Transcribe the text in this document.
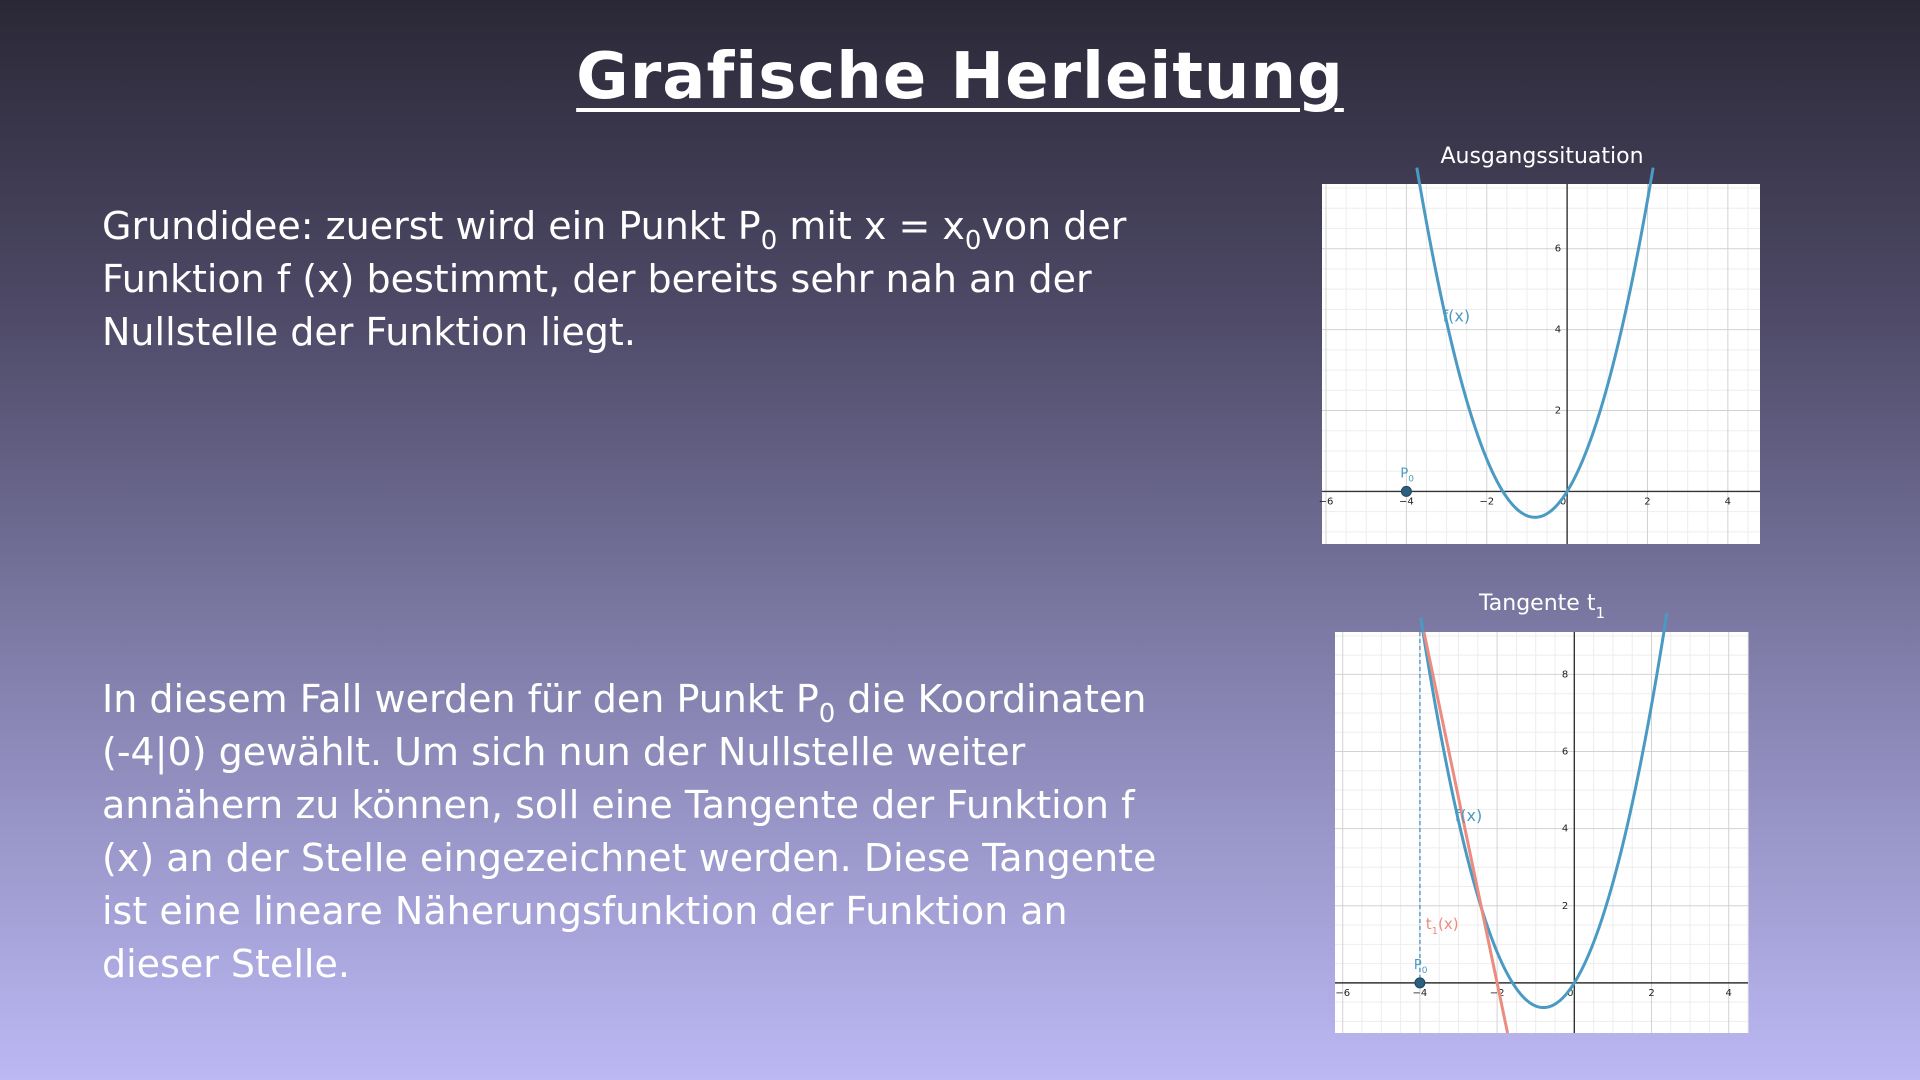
Grafische Herleitung
Grundidee: zuerst wird ein Punkt $P_0$ mit $x = x_0von$ der Funktion f (x) bestimmt, der bereits sehr nah an der Nullstelle der Funktion liegt.
In diesem Fall werden für den Punkt $P_0$ die Koordinaten (-4|0) gewählt. Um sich nun der Nullstelle weiter annähern zu können, soll eine Tangente der Funktion f (x) an der Stelle eingezeichnet werden. Diese Tangente ist eine lineare Näherungsfunktion der Funktion an dieser Stelle.
Ausgangssituation
−6	−4	−2	0	2	4
2
4
6
f(x)
$P_0$
Tangente $t_1$
−6	−4	−2	0	2	4
2
4
6
8
$t_1(x)$
f(x)
$P_0$
